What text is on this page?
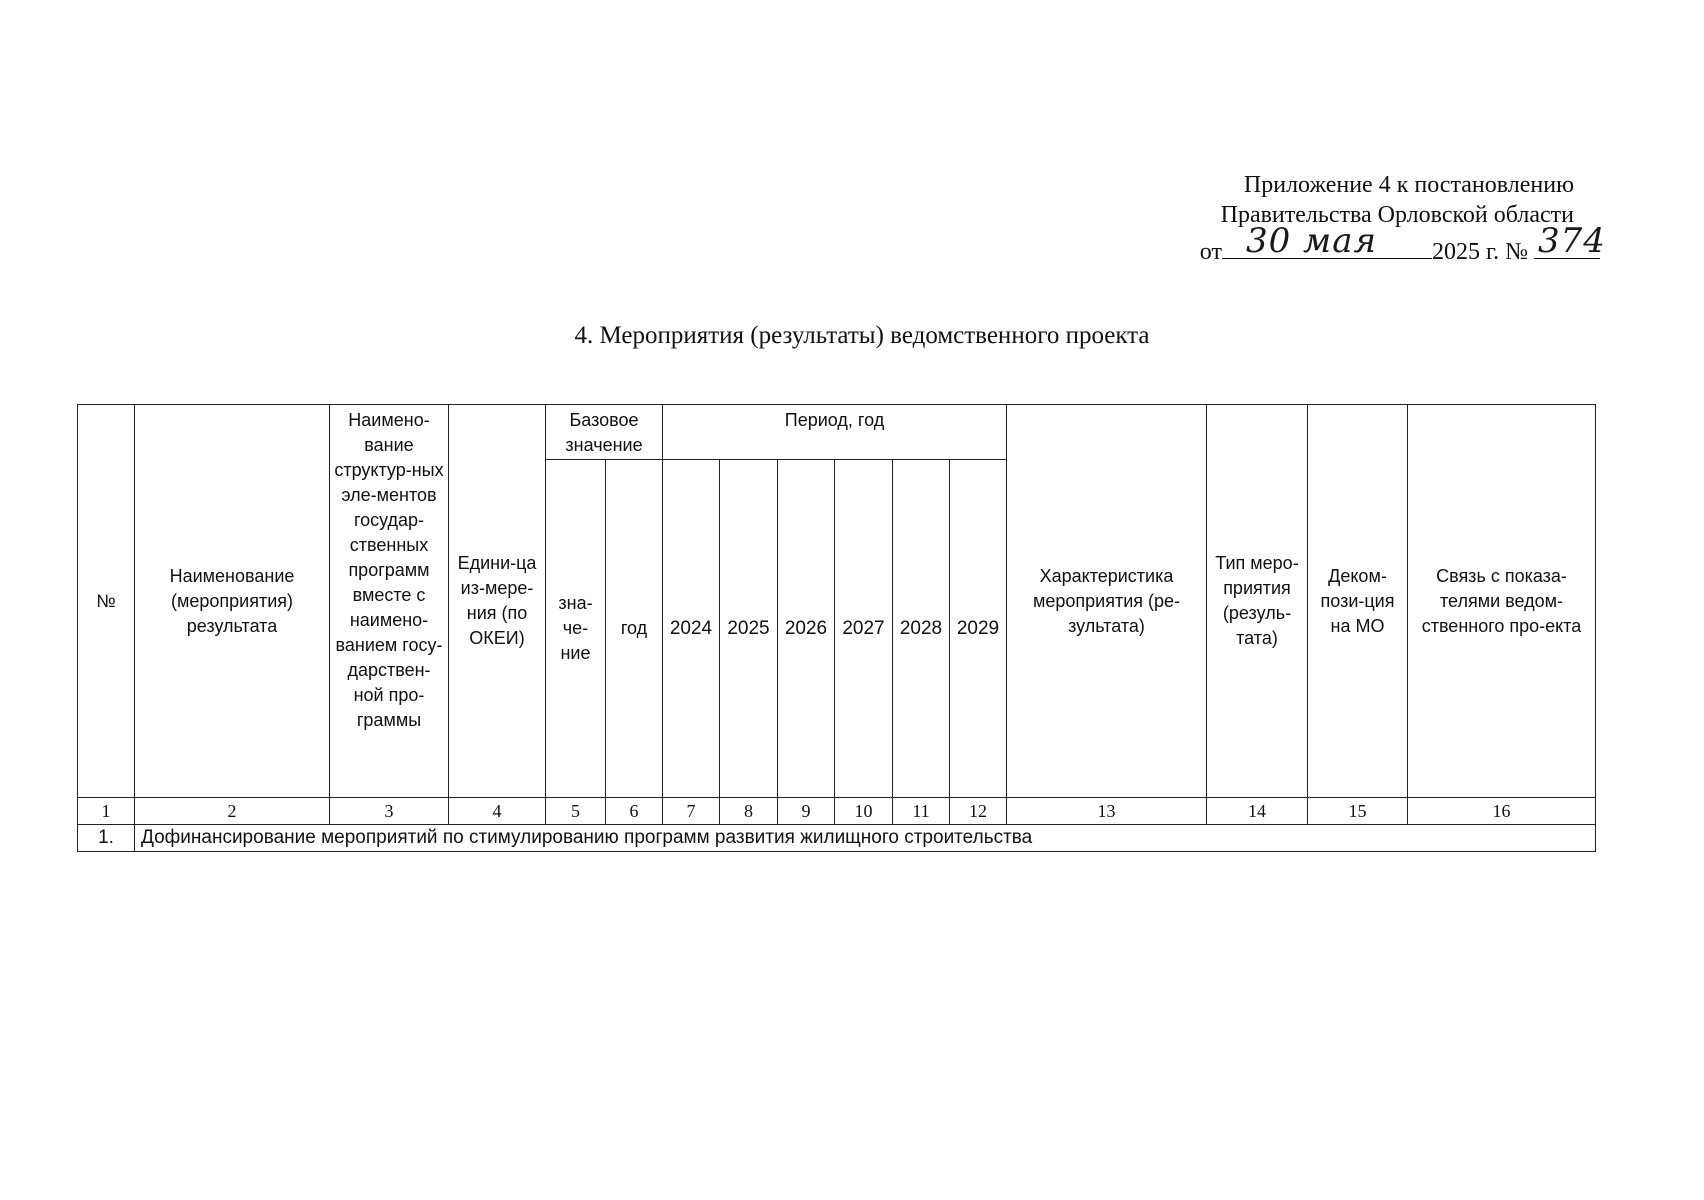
Приложение 4 к постановлению
Правительства Орловской области
от 30 мая 2025 г. № 374
4. Мероприятия (результаты) ведомственного проекта
№	Наименование (мероприятия) результата	Наимено-вание структур-ных эле-ментов государ-ственных программ вместе с наимено-ванием госу-дарствен-ной про-граммы	Едини-ца из-мере-ния (по ОКЕИ)	Базовое значение		Период, год						Характеристика мероприятия (ре-зультата)	Тип меро-приятия (резуль-тата)	Деком-пози-ция на МО	Связь с показа-телями ведом-ственного про-екта
				зна-че-ние	год	2024	2025	2026	2027	2028	2029				
1	2	3	4	5	6	7	8	9	10	11	12	13	14	15	16
1.	Дофинансирование мероприятий по стимулированию программ развития жилищного строительства														
